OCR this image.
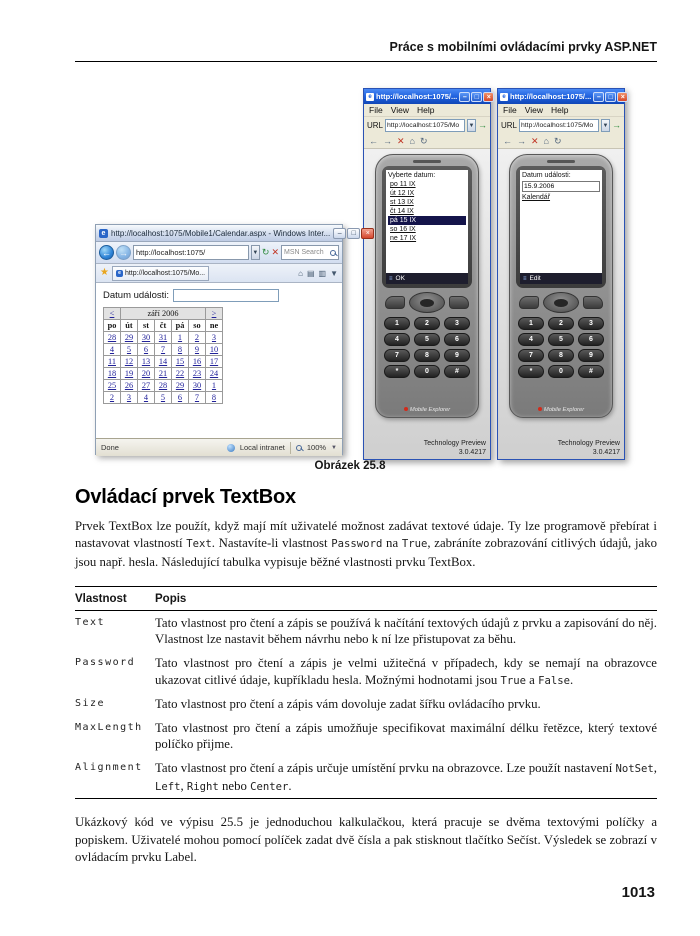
Práce s mobilními ovládacími prvky ASP.NET
e http://localhost:1075/... –	□	×
File View Help
URL http://localhost:1075/Mo	▼ →
← → ✕ ⌂ ↻
Vyberte datum:
po 11 IX
út 12 IX
st 13 IX
čt 14 IX
pá 15 IX
so 16 IX
ne 17 IX
≡ OK
1	2	3
4	5	6
7	8	9
*	0	#
Mobile Explorer
Technology Preview
3.0.4217
e http://localhost:1075/... –	□	×
File View Help
URL http://localhost:1075/Mo	▼ →
← → ✕ ⌂ ↻
Datum události:
15.9.2006
Kalendář
≡ Edit
1	2	3
4	5	6
7	8	9
*	0	#
Mobile Explorer
Technology Preview
3.0.4217
e http://localhost:1075/Mobile1/Calendar.aspx - Windows Inter...	–	□	×
← →	http://localhost:1075/	▼ ↻ ✕ MSN Search
★	e http://localhost:1075/Mo...	⌂ ▤ ▥ ▼
Datum události:
<	září 2006					>
po	út	st	čt	pá	so	ne
28	29	30	31	1	2	3
4	5	6	7	8	9	10
11	12	13	14	15	16	17
18	19	20	21	22	23	24
25	26	27	28	29	30	1
2	3	4	5	6	7	8
Done	Local intranet	100% ▼
Obrázek 25.8
Ovládací prvek TextBox

Prvek TextBox lze použít, když mají mít uživatelé možnost zadávat textové údaje. Ty lze programově přebírat i nastavovat vlastností Text. Nastavíte-li vlastnost Password na True, zabráníte zobrazování citlivých údajů, jako jsou např. hesla. Následující tabulka vypisuje běžné vlastnosti prvku TextBox.

Vlastnost	Popis
Text	Tato vlastnost pro čtení a zápis se používá k načítání textových údajů z prvku a zapisování do něj. Vlastnost lze nastavit během návrhu nebo k ní lze přistupovat za běhu.
Password	Tato vlastnost pro čtení a zápis je velmi užitečná v případech, kdy se nemají na obrazovce ukazovat citlivé údaje, kupříkladu hesla. Možnými hodnotami jsou True a False.
Size	Tato vlastnost pro čtení a zápis vám dovoluje zadat šířku ovládacího prvku.
MaxLength Tato vlastnost pro čtení a zápis umožňuje specifikovat maximální délku řetězce, který textové políčko přijme.
Alignment Tato vlastnost pro čtení a zápis určuje umístění prvku na obrazovce. Lze použít nastavení NotSet, Left, Right nebo Center.

Ukázkový kód ve výpisu 25.5 je jednoduchou kalkulačkou, která pracuje se dvěma textovými políčky a popiskem. Uživatelé mohou pomocí políček zadat dvě čísla a pak stisknout tlačítko Sečíst. Výsledek se zobrazí v ovládacím prvku Label.

1013
